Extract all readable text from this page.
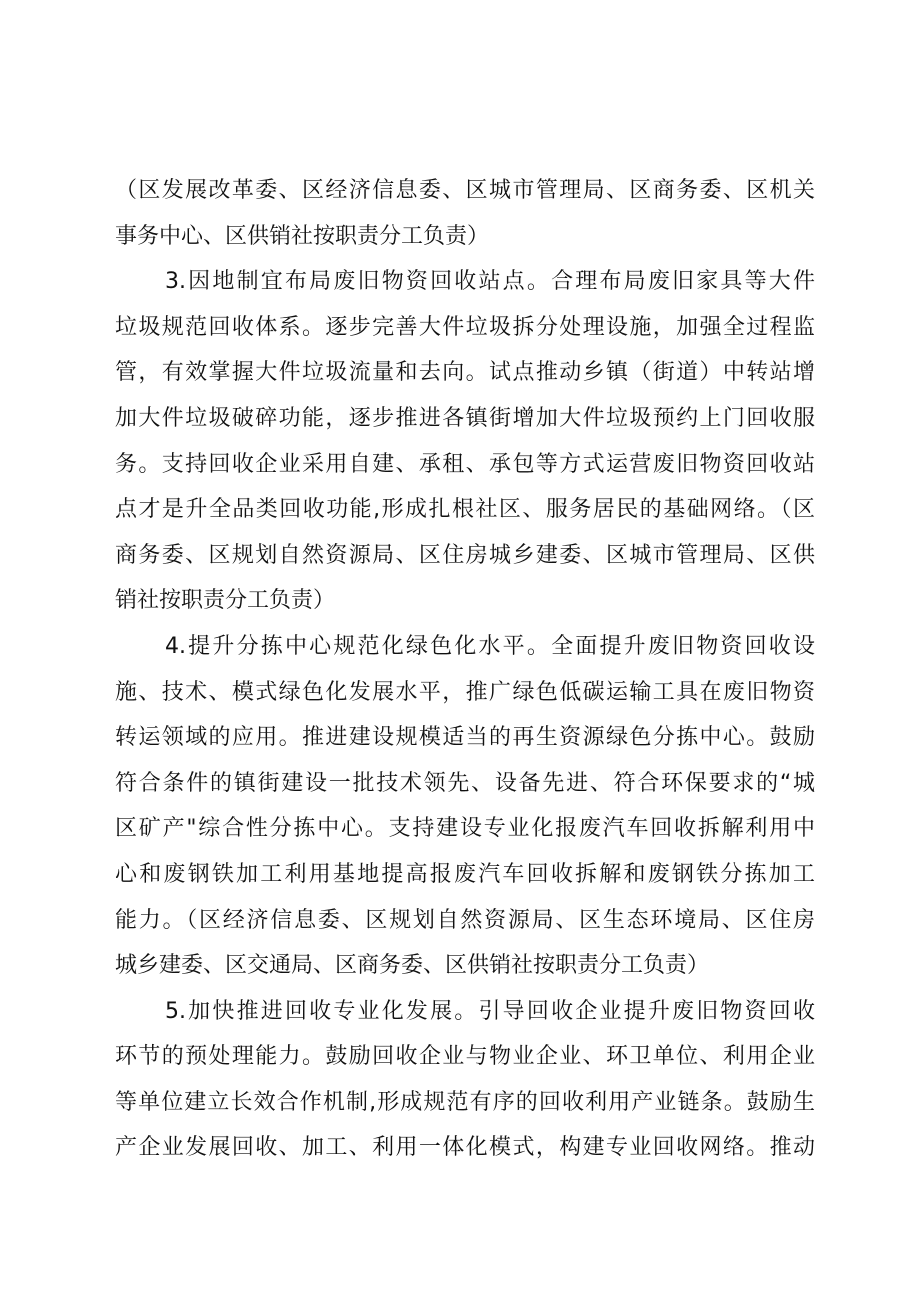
（区发展改革委、区经济信息委、区城市管理局、区商务委、区机关
事务中心、区供销社按职责分工负责）
3.因地制宜布局废旧物资回收站点。合理布局废旧家具等大件
垃圾规范回收体系。逐步完善大件垃圾拆分处理设施，加强全过程监
管，有效掌握大件垃圾流量和去向。试点推动乡镇（街道）中转站增
加大件垃圾破碎功能，逐步推进各镇街增加大件垃圾预约上门回收服
务。支持回收企业采用自建、承租、承包等方式运营废旧物资回收站
点才是升全品类回收功能,形成扎根社区、服务居民的基础网络。（区
商务委、区规划自然资源局、区住房城乡建委、区城市管理局、区供
销社按职责分工负责）
4.提升分拣中心规范化绿色化水平。全面提升废旧物资回收设
施、技术、模式绿色化发展水平，推广绿色低碳运输工具在废旧物资
转运领域的应用。推进建设规模适当的再生资源绿色分拣中心。鼓励
符合条件的镇街建设一批技术领先、设备先进、符合环保要求的“城
区矿产"综合性分拣中心。支持建设专业化报废汽车回收拆解利用中
心和废钢铁加工利用基地提高报废汽车回收拆解和废钢铁分拣加工
能力。（区经济信息委、区规划自然资源局、区生态环境局、区住房
城乡建委、区交通局、区商务委、区供销社按职责分工负责）
5.加快推进回收专业化发展。引导回收企业提升废旧物资回收
环节的预处理能力。鼓励回收企业与物业企业、环卫单位、利用企业
等单位建立长效合作机制,形成规范有序的回收利用产业链条。鼓励生
产企业发展回收、加工、利用一体化模式，构建专业回收网络。推动
